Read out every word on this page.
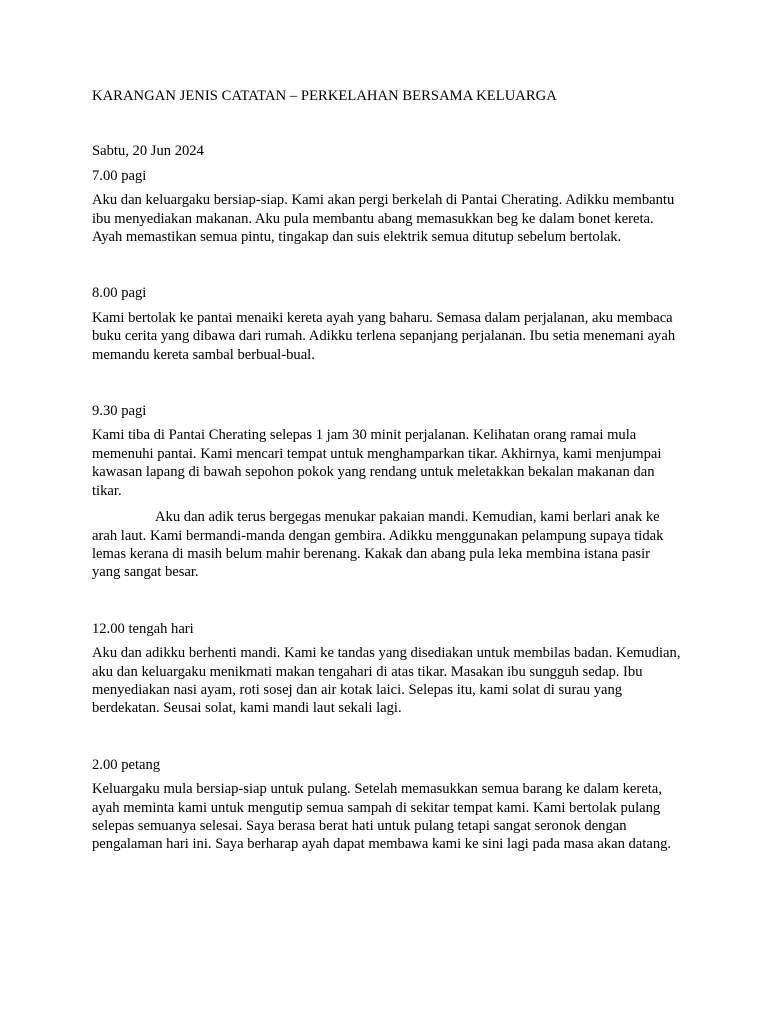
KARANGAN JENIS CATATAN – PERKELAHAN BERSAMA KELUARGA

Sabtu, 20 Jun 2024

7.00 pagi

Aku dan keluargaku bersiap-siap. Kami akan pergi berkelah di Pantai Cherating. Adikku membantu ibu menyediakan makanan. Aku pula membantu abang memasukkan beg ke dalam bonet kereta. Ayah memastikan semua pintu, tingakap dan suis elektrik semua ditutup sebelum bertolak.

8.00 pagi

Kami bertolak ke pantai menaiki kereta ayah yang baharu. Semasa dalam perjalanan, aku membaca buku cerita yang dibawa dari rumah. Adikku terlena sepanjang perjalanan. Ibu setia menemani ayah memandu kereta sambal berbual-bual.

9.30 pagi

Kami tiba di Pantai Cherating selepas 1 jam 30 minit perjalanan. Kelihatan orang ramai mula memenuhi pantai. Kami mencari tempat untuk menghamparkan tikar. Akhirnya, kami menjumpai kawasan lapang di bawah sepohon pokok yang rendang untuk meletakkan bekalan makanan dan tikar.

Aku dan adik terus bergegas menukar pakaian mandi. Kemudian, kami berlari anak ke arah laut. Kami bermandi-manda dengan gembira. Adikku menggunakan pelampung supaya tidak lemas kerana di masih belum mahir berenang. Kakak dan abang pula leka membina istana pasir yang sangat besar.

12.00 tengah hari

Aku dan adikku berhenti mandi. Kami ke tandas yang disediakan untuk membilas badan. Kemudian, aku dan keluargaku menikmati makan tengahari di atas tikar. Masakan ibu sungguh sedap. Ibu menyediakan nasi ayam, roti sosej dan air kotak laici. Selepas itu, kami solat di surau yang berdekatan. Seusai solat, kami mandi laut sekali lagi.

2.00 petang

Keluargaku mula bersiap-siap untuk pulang. Setelah memasukkan semua barang ke dalam kereta, ayah meminta kami untuk mengutip semua sampah di sekitar tempat kami. Kami bertolak pulang selepas semuanya selesai. Saya berasa berat hati untuk pulang tetapi sangat seronok dengan pengalaman hari ini. Saya berharap ayah dapat membawa kami ke sini lagi pada masa akan datang.
